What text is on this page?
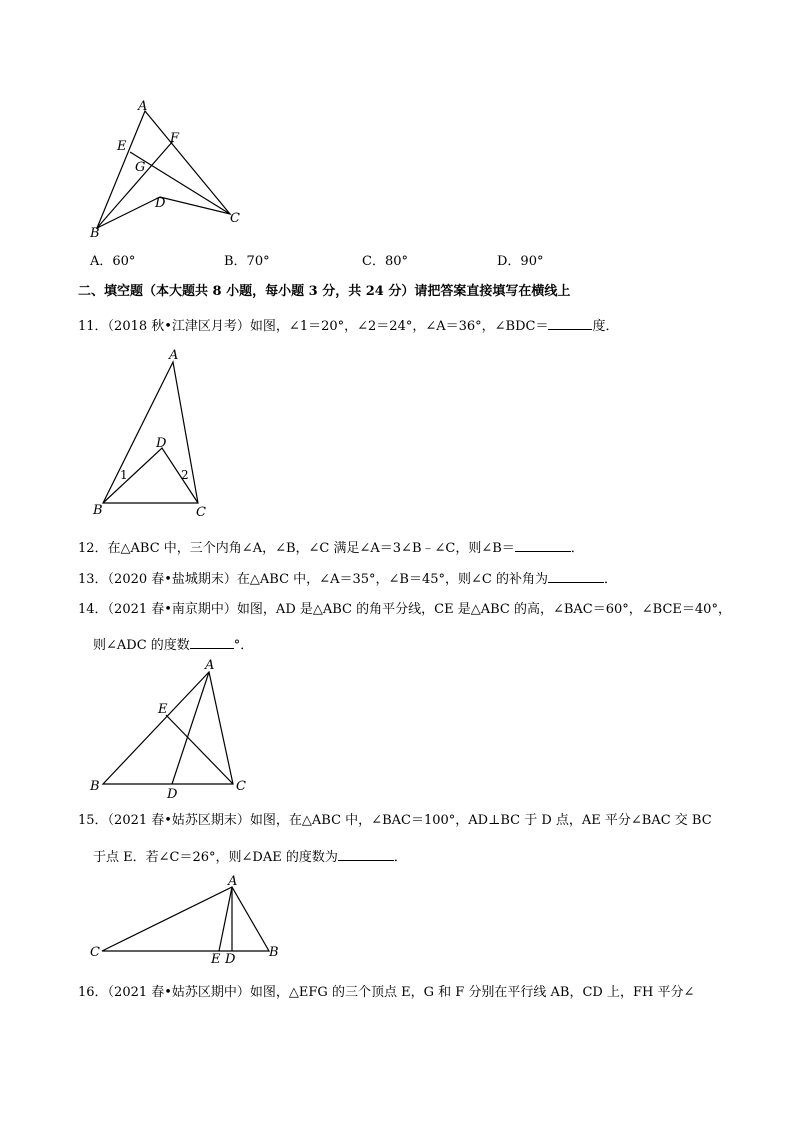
A
E
F
G
D
B
C
A．60°	B．70°	C．80°	D．90°
二、填空题（本大题共 8 小题，每小题 3 分，共 24 分）请把答案直接填写在横线上
11．（2018 秋•江津区月考）如图，∠1＝20°，∠2＝24°，∠A＝36°，∠BDC＝	度．
A
D
1	2
B	C
12．在△ABC 中，三个内角∠A，∠B，∠C 满足∠A＝3∠B﹣∠C，则∠B＝	．
13．（2020 春•盐城期末）在△ABC 中，∠A＝35°，∠B＝45°，则∠C 的补角为	．
14．（2021 春•南京期中）如图，AD 是△ABC 的角平分线，CE 是△ABC 的高，∠BAC＝60°，∠BCE＝40°，
则∠ADC 的度数	°．
A
E
B
D
C
15．（2021 春•姑苏区期末）如图，在△ABC 中，∠BAC＝100°，AD⊥BC 于 D 点，AE 平分∠BAC 交 BC
于点 E．若∠C＝26°，则∠DAE 的度数为	．
A
C	E D	B
16．（2021 春•姑苏区期中）如图，△EFG 的三个顶点 E，G 和 F 分别在平行线 AB，CD 上，FH 平分∠
